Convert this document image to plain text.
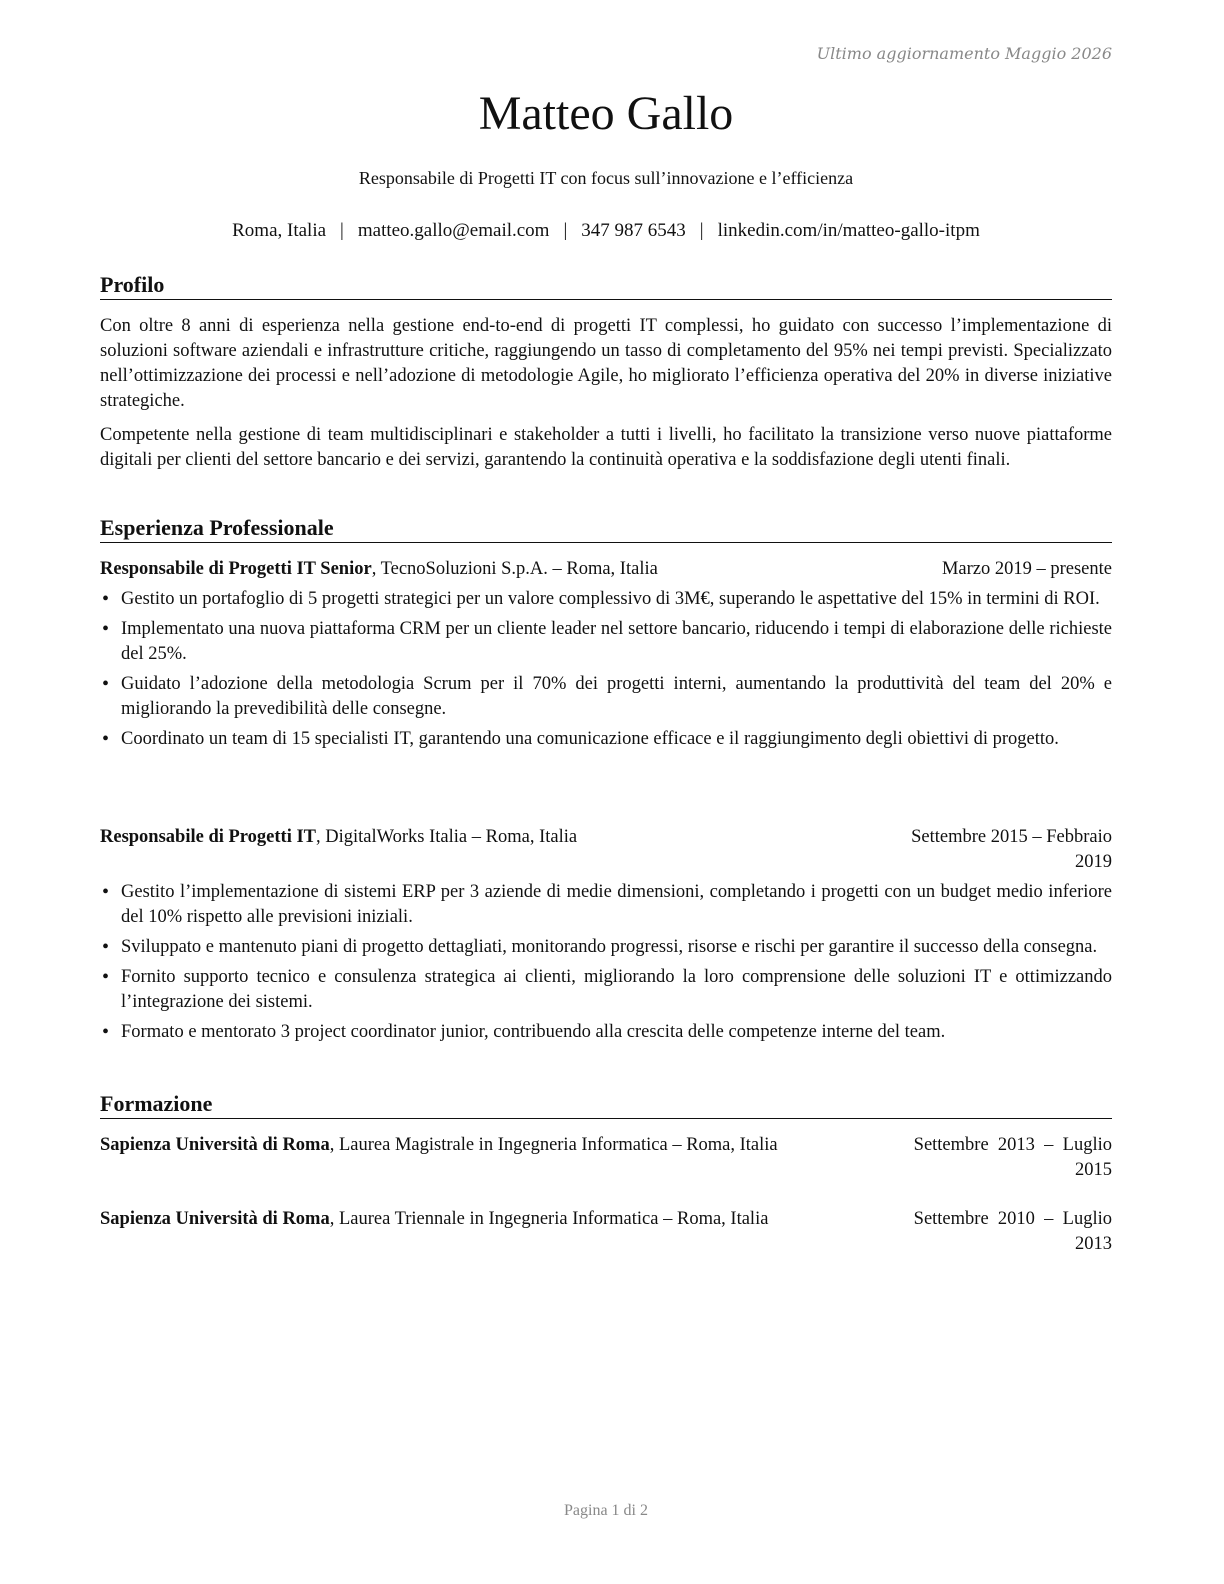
Ultimo aggiornamento Maggio 2026
Matteo Gallo
Responsabile di Progetti IT con focus sull’innovazione e l’efficienza
Roma, Italia | matteo.gallo@email.com | 347 987 6543 | linkedin.com/in/matteo-gallo-itpm
Profilo
Con oltre 8 anni di esperienza nella gestione end-to-end di progetti IT complessi, ho guidato con successo l’implementazione di soluzioni software aziendali e infrastrutture critiche, raggiungendo un tasso di completamento del 95% nei tempi previsti. Specializzato nell’ottimizzazione dei processi e nell’adozione di metodologie Agile, ho migliorato l’efficienza operativa del 20% in diverse iniziative strategiche.
Competente nella gestione di team multidisciplinari e stakeholder a tutti i livelli, ho facilitato la transizione verso nuove piattaforme digitali per clienti del settore bancario e dei servizi, garantendo la continuità operativa e la soddisfazione degli utenti finali.
Esperienza Professionale
Responsabile di Progetti IT Senior, TecnoSoluzioni S.p.A. – Roma, Italia	Marzo 2019 – presente
• Gestito un portafoglio di 5 progetti strategici per un valore complessivo di 3M€, superando le aspettative del 15% in termini di ROI.
• Implementato una nuova piattaforma CRM per un cliente leader nel settore bancario, riducendo i tempi di elaborazione delle richieste del 25%.
• Guidato l’adozione della metodologia Scrum per il 70% dei progetti interni, aumentando la produttività del team del 20% e migliorando la prevedibilità delle consegne.
• Coordinato un team di 15 specialisti IT, garantendo una comunicazione efficace e il raggiungimento degli obiettivi di progetto.
Responsabile di Progetti IT, DigitalWorks Italia – Roma, Italia	Settembre 2015 – Febbraio
2019
• Gestito l’implementazione di sistemi ERP per 3 aziende di medie dimensioni, completando i progetti con un budget medio inferiore del 10% rispetto alle previsioni iniziali.
• Sviluppato e mantenuto piani di progetto dettagliati, monitorando progressi, risorse e rischi per garantire il successo della consegna.
• Fornito supporto tecnico e consulenza strategica ai clienti, migliorando la loro comprensione delle soluzioni IT e ottimizzando l’integrazione dei sistemi.
• Formato e mentorato 3 project coordinator junior, contribuendo alla crescita delle competenze interne del team.
Formazione
Sapienza Università di Roma, Laurea Magistrale in Ingegneria Informatica – Roma, Italia	Settembre  2013  –  Luglio
2015
Sapienza Università di Roma, Laurea Triennale in Ingegneria Informatica – Roma, Italia	Settembre  2010  –  Luglio
2013
Pagina 1 di 2
